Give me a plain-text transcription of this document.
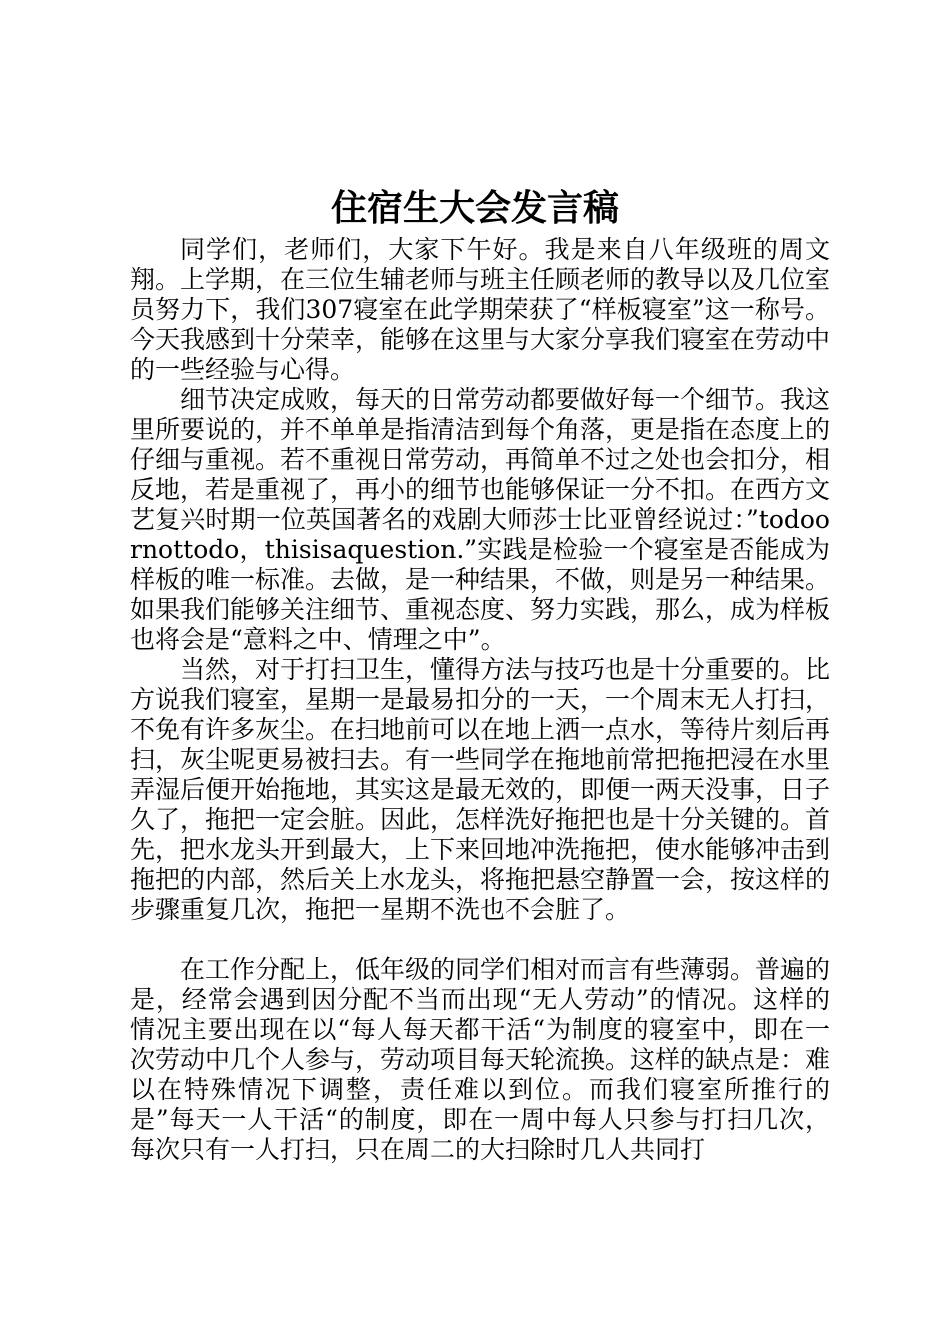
住宿生大会发言稿

同学们，老师们，大家下午好。我是来自八年级班的周文翔。上学期，在三位生辅老师与班主任顾老师的教导以及几位室员努力下，我们307寝室在此学期荣获了“样板寝室”这一称号。今天我感到十分荣幸，能够在这里与大家分享我们寝室在劳动中的一些经验与心得。

细节决定成败，每天的日常劳动都要做好每一个细节。我这里所要说的，并不单单是指清洁到每个角落，更是指在态度上的仔细与重视。若不重视日常劳动，再简单不过之处也会扣分，相反地，若是重视了，再小的细节也能够保证一分不扣。在西方文艺复兴时期一位英国著名的戏剧大师莎士比亚曾经说过：”todoornottodo，thisisaquestion.”实践是检验一个寝室是否能成为样板的唯一标准。去做，是一种结果，不做，则是另一种结果。如果我们能够关注细节、重视态度、努力实践，那么，成为样板也将会是“意料之中、情理之中”。

当然，对于打扫卫生，懂得方法与技巧也是十分重要的。比方说我们寝室，星期一是最易扣分的一天，一个周末无人打扫，不免有许多灰尘。在扫地前可以在地上洒一点水，等待片刻后再扫，灰尘呢更易被扫去。有一些同学在拖地前常把拖把浸在水里弄湿后便开始拖地，其实这是最无效的，即便一两天没事，日子久了，拖把一定会脏。因此，怎样洗好拖把也是十分关键的。首先，把水龙头开到最大，上下来回地冲洗拖把，使水能够冲击到拖把的内部，然后关上水龙头，将拖把悬空静置一会，按这样的步骤重复几次，拖把一星期不洗也不会脏了。

在工作分配上，低年级的同学们相对而言有些薄弱。普遍的是，经常会遇到因分配不当而出现“无人劳动”的情况。这样的情况主要出现在以“每人每天都干活“为制度的寝室中，即在一次劳动中几个人参与，劳动项目每天轮流换。这样的缺点是：难以在特殊情况下调整，责任难以到位。而我们寝室所推行的是”每天一人干活“的制度，即在一周中每人只参与打扫几次，每次只有一人打扫，只在周二的大扫除时几人共同打
